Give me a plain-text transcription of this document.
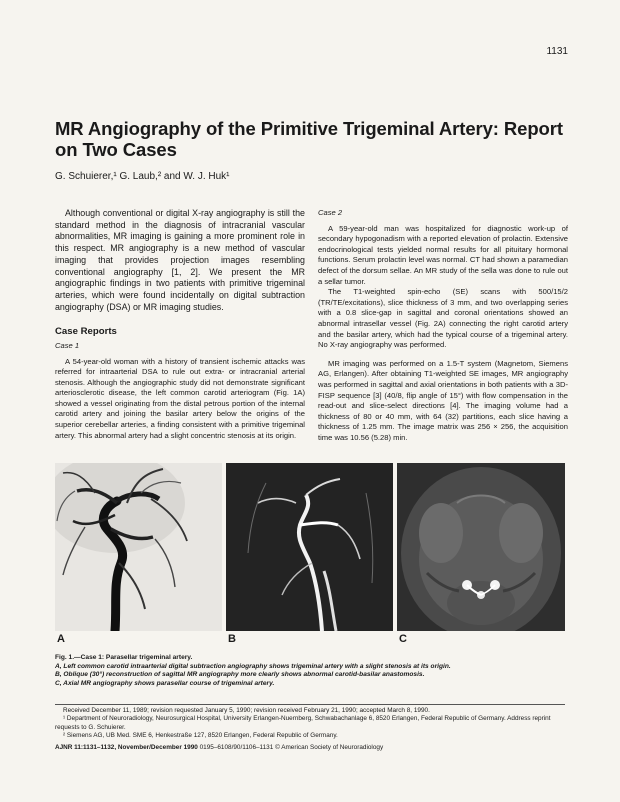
1131
MR Angiography of the Primitive Trigeminal Artery: Report on Two Cases

G. Schuierer,¹ G. Laub,² and W. J. Huk¹

Although conventional or digital X-ray angiography is still the standard method in the diagnosis of intracranial vascular abnormalities, MR imaging is gaining a more prominent role in this respect. MR angiography is a new method of vascular imaging that provides projection images resembling conventional angiography [1, 2]. We present the MR angiographic findings in two patients with primitive trigeminal arteries, which were found incidentally on digital subtraction angiography (DSA) or MR imaging studies.

Case Reports
Case 1

A 54-year-old woman with a history of transient ischemic attacks was referred for intraarterial DSA to rule out extra- or intracranial arterial stenosis. Although the angiographic study did not demonstrate significant arteriosclerotic disease, the left common carotid arteriogram (Fig. 1A) showed a vessel originating from the distal petrous portion of the internal carotid artery and joining the basilar artery below the origins of the superior cerebellar arteries, a finding consistent with a primitive trigeminal artery. This abnormal artery had a slight concentric stenosis at its origin.

Case 2

A 59-year-old man was hospitalized for diagnostic work-up of secondary hypogonadism with a reported elevation of prolactin. Extensive endocrinological tests yielded normal results for all pituitary hormonal functions. Serum prolactin level was normal. CT had shown a paramedian defect of the dorsum sellae. An MR study of the sella was done to rule out a sellar tumor.

The T1-weighted spin-echo (SE) scans with 500/15/2 (TR/TE/excitations), slice thickness of 3 mm, and two overlapping series with a 0.8 slice-gap in sagittal and coronal orientations showed an abnormal intrasellar vessel (Fig. 2A) connecting the right carotid artery and the basilar artery, which had the typical course of a trigeminal artery. No X-ray angiography was performed.

MR imaging was performed on a 1.5-T system (Magnetom, Siemens AG, Erlangen). After obtaining T1-weighted SE images, MR angiography was performed in sagittal and axial orientations in both patients with a 3D-FISP sequence [3] (40/8, flip angle of 15°) with flow compensation in the read-out and slice-select directions [4]. The imaging volume had a thickness of 80 or 40 mm, with 64 (32) partitions, each slice having a thickness of 1.25 mm. The image matrix was 256 × 256, the acquisition time was 10.56 (5.28) min.

A	B	C
Fig. 1.—Case 1: Parasellar trigeminal artery.
A, Left common carotid intraarterial digital subtraction angiography shows trigeminal artery with a slight stenosis at its origin.
B, Oblique (30°) reconstruction of sagittal MR angiography more clearly shows abnormal carotid-basilar anastomosis.
C, Axial MR angiography shows parasellar course of trigeminal artery.
Received December 11, 1989; revision requested January 5, 1990; revision received February 21, 1990; accepted March 8, 1990.
¹ Department of Neuroradiology, Neurosurgical Hospital, University Erlangen-Nuernberg, Schwabachanlage 6, 8520 Erlangen, Federal Republic of Germany. Address reprint requests to G. Schuierer.
² Siemens AG, UB Med. SME 6, Henkestraße 127, 8520 Erlangen, Federal Republic of Germany.
AJNR 11:1131–1132, November/December 1990 0195–6108/90/1106–1131 © American Society of Neuroradiology
